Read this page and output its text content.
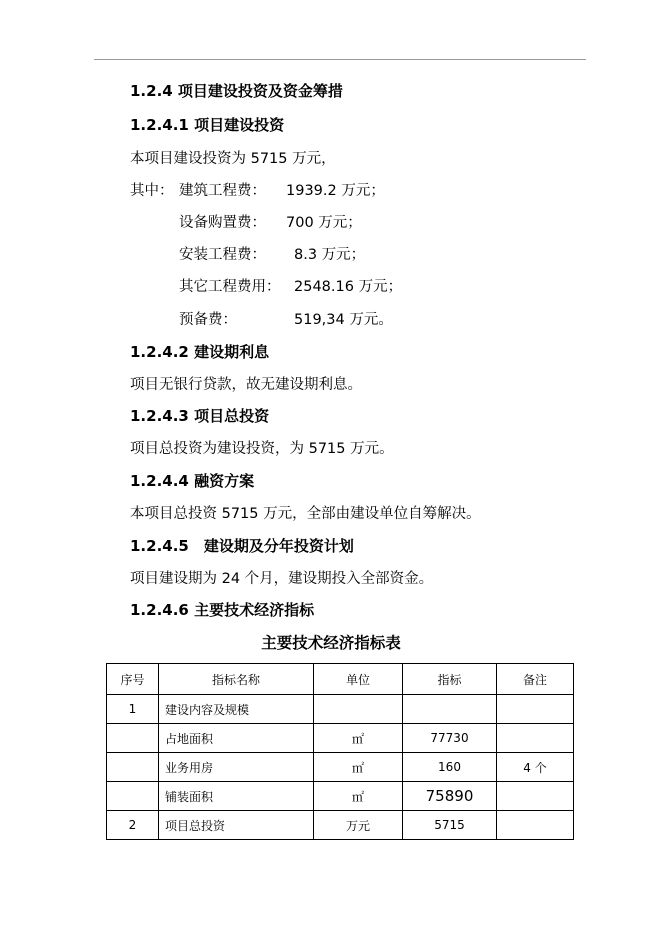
1.2.4 项目建设投资及资金筹措
1.2.4.1 项目建设投资
本项目建设投资为 5715 万元，
其中： 建筑工程费： 1939.2 万元；
设备购置费： 700 万元；
安装工程费： 8.3 万元；
其它工程费用： 2548.16 万元；
预备费：	519,34 万元。
1.2.4.2 建设期利息
项目无银行贷款，故无建设期利息。
1.2.4.3 项目总投资
项目总投资为建设投资，为 5715 万元。
1.2.4.4 融资方案
本项目总投资 5715 万元，全部由建设单位自筹解决。
1.2.4.5　建设期及分年投资计划
项目建设期为 24 个月，建设期投入全部资金。
1.2.4.6 主要技术经济指标
主要技术经济指标表
序号	指标名称	单位	指标	备注
1	建设内容及规模			
	占地面积	㎡	77730	
	业务用房	㎡	160	4 个
	铺装面积	㎡	75890	
2	项目总投资	万元	5715	
